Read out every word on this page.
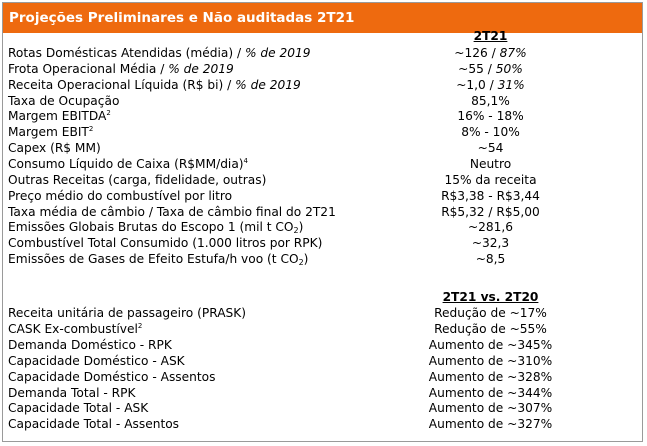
Projeções Preliminares e Não auditadas 2T21
2T21
Rotas Domésticas Atendidas (média) / % de 2019	~126 / 87%
Frota Operacional Média / % de 2019	~55 / 50%
Receita Operacional Líquida (R$ bi) / % de 2019	~1,0 / 31%
Taxa de Ocupação	85,1%
Margem EBITDA$^2$	16% - 18%
Margem EBIT$^2$	8% - 10%
Capex (R$ MM)	~54
Consumo Líquido de Caixa (R$MM/dia)$^4$	Neutro
Outras Receitas (carga, fidelidade, outras)	15% da receita
Preço médio do combustível por litro	R$3,38 - R$3,44
Taxa média de câmbio / Taxa de câmbio final do 2T21	R$5,32 / R$5,00
Emissões Globais Brutas do Escopo 1 (mil t $CO_2$)	~281,6
Combustível Total Consumido (1.000 litros por RPK)	~32,3
Emissões de Gases de Efeito Estufa/h voo (t $CO_2$)	~8,5
2T21 vs. 2T20
Receita unitária de passageiro (PRASK)	Redução de ~17%
CASK Ex-combustível$^2$	Redução de ~55%
Demanda Doméstico - RPK	Aumento de ~345%
Capacidade Doméstico - ASK	Aumento de ~310%
Capacidade Doméstico - Assentos	Aumento de ~328%
Demanda Total - RPK	Aumento de ~344%
Capacidade Total - ASK	Aumento de ~307%
Capacidade Total - Assentos	Aumento de ~327%
